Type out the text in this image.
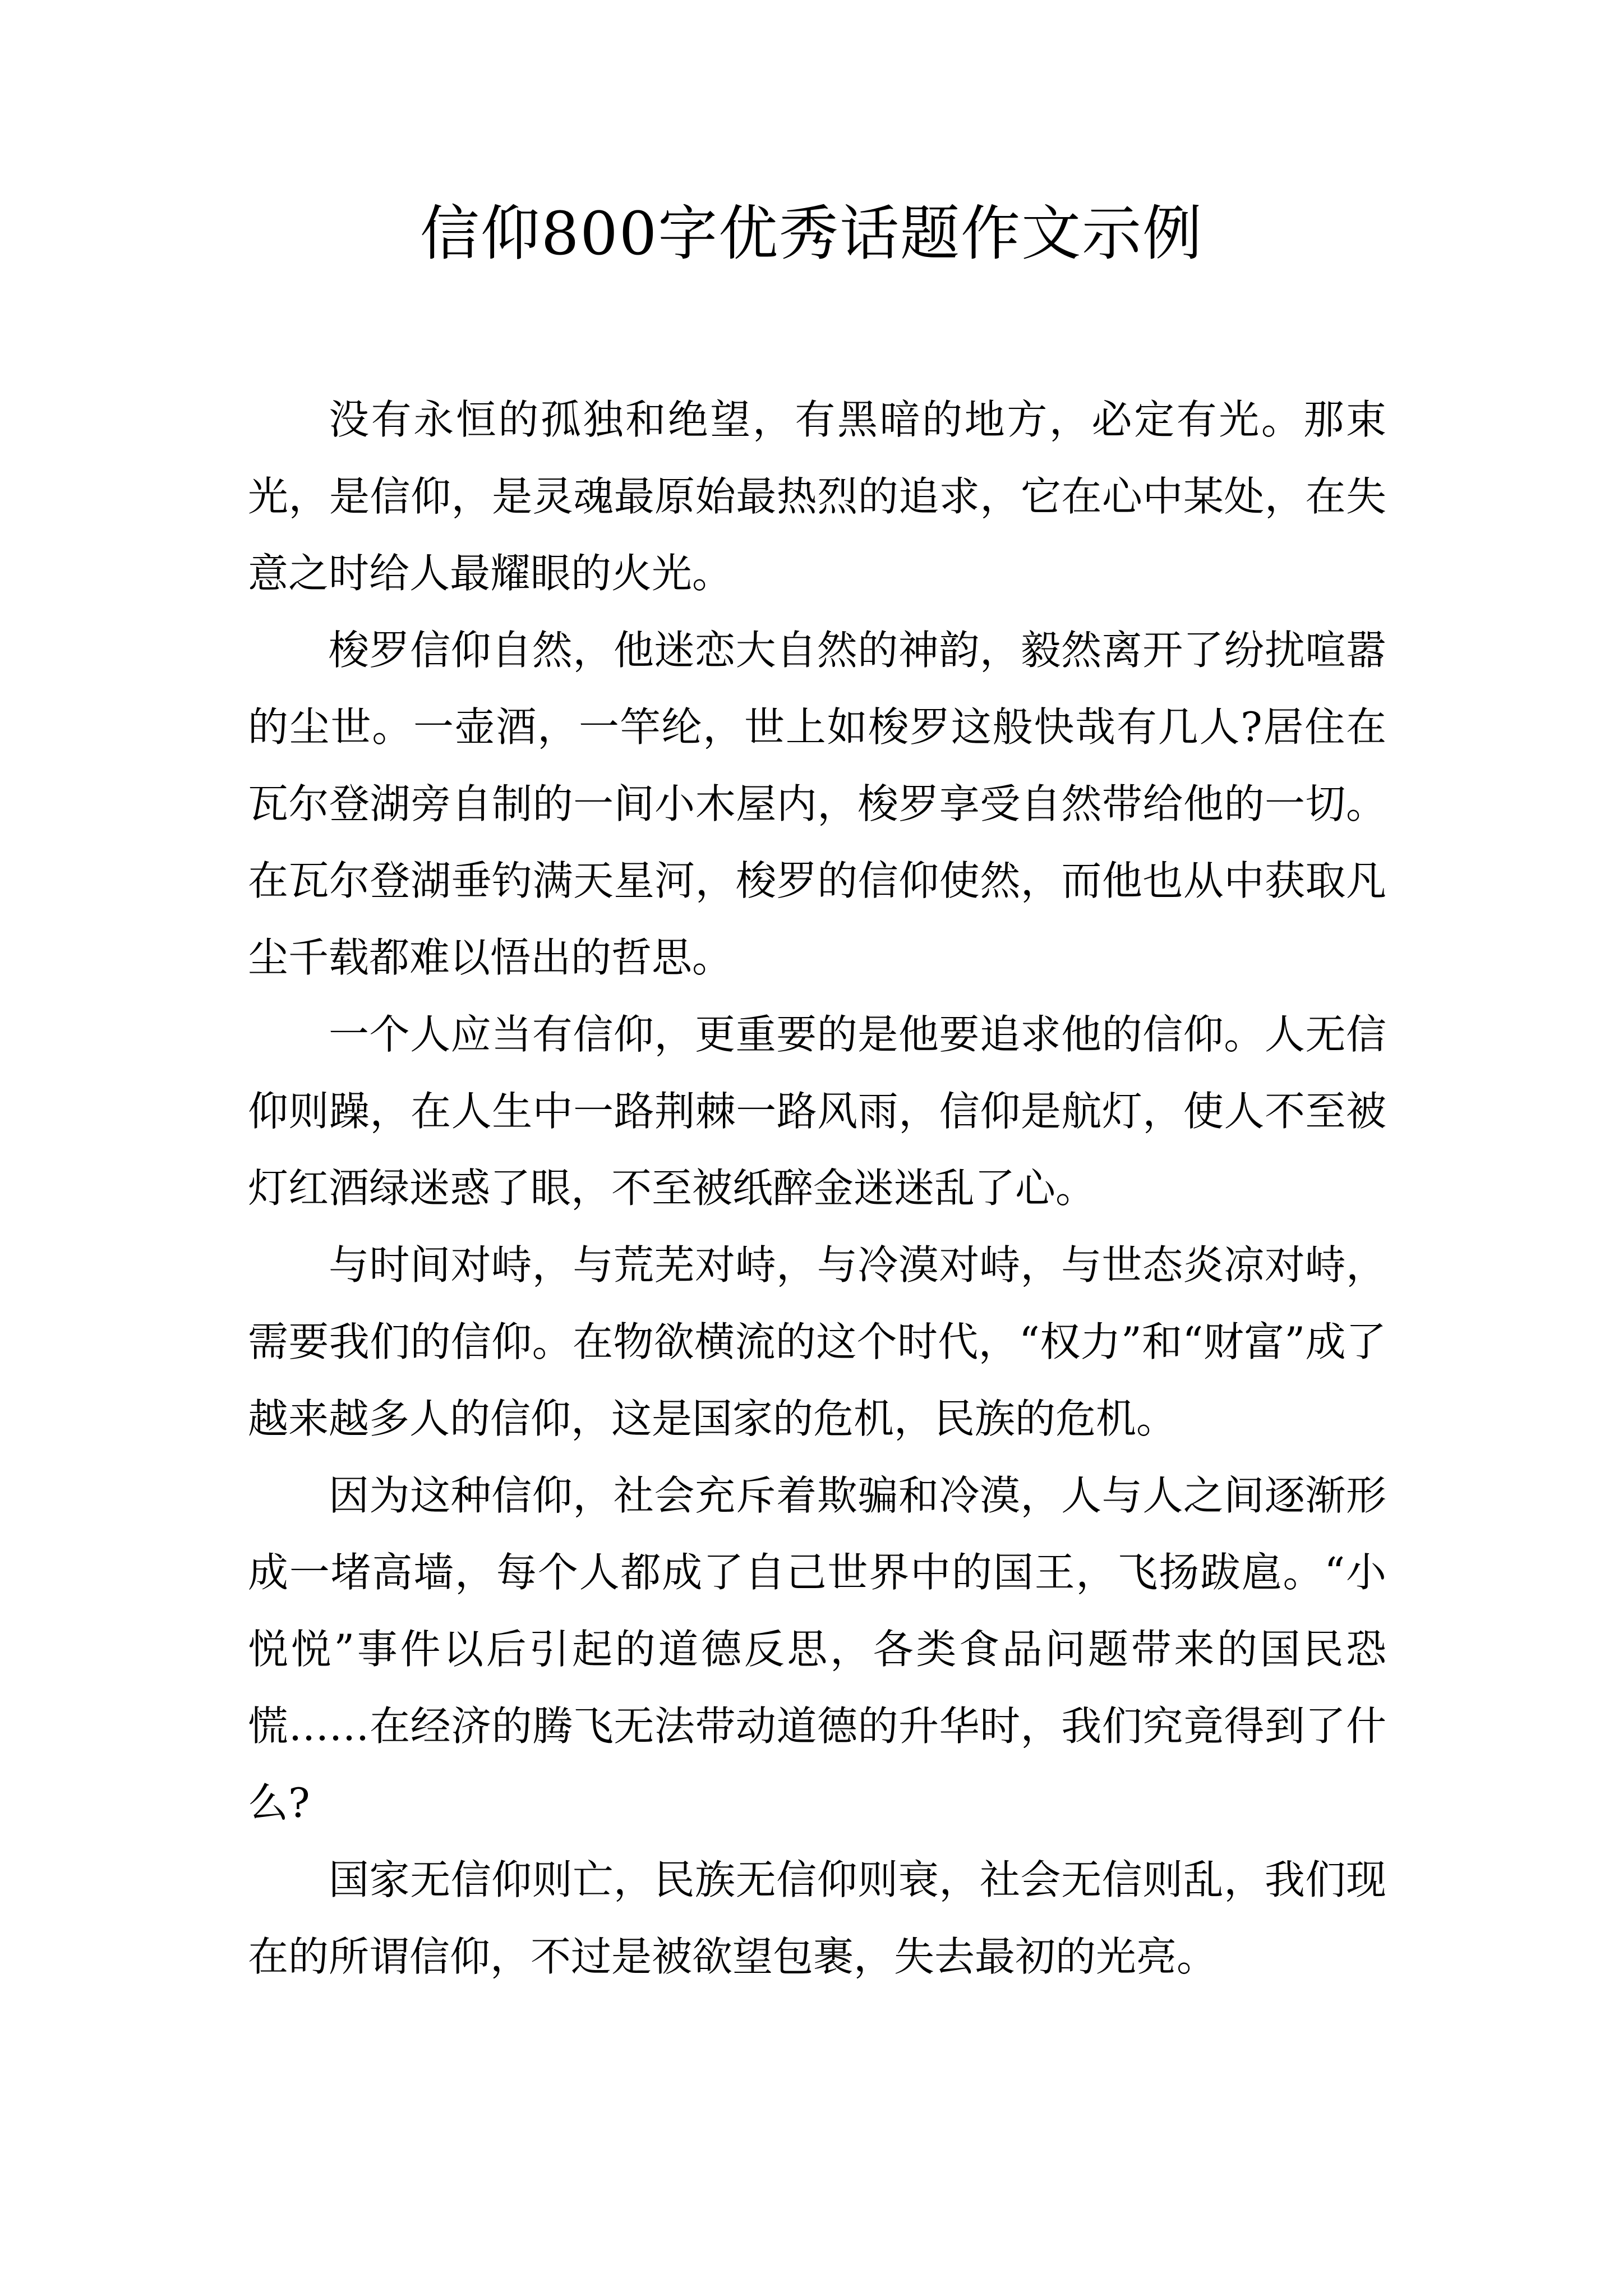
信仰800字优秀话题作文示例

没有永恒的孤独和绝望，有黑暗的地方，必定有光。那束光，是信仰，是灵魂最原始最热烈的追求，它在心中某处，在失意之时给人最耀眼的火光。

梭罗信仰自然，他迷恋大自然的神韵，毅然离开了纷扰喧嚣的尘世。一壶酒，一竿纶，世上如梭罗这般快哉有几人?居住在瓦尔登湖旁自制的一间小木屋内，梭罗享受自然带给他的一切。在瓦尔登湖垂钓满天星河，梭罗的信仰使然，而他也从中获取凡尘千载都难以悟出的哲思。

一个人应当有信仰，更重要的是他要追求他的信仰。人无信仰则躁，在人生中一路荆棘一路风雨，信仰是航灯，使人不至被灯红酒绿迷惑了眼，不至被纸醉金迷迷乱了心。

与时间对峙，与荒芜对峙，与冷漠对峙，与世态炎凉对峙，需要我们的信仰。在物欲横流的这个时代，“权力”和“财富”成了越来越多人的信仰，这是国家的危机，民族的危机。

因为这种信仰，社会充斥着欺骗和冷漠，人与人之间逐渐形成一堵高墙，每个人都成了自己世界中的国王，飞扬跋扈。“小悦悦”事件以后引起的道德反思，各类食品问题带来的国民恐慌……在经济的腾飞无法带动道德的升华时，我们究竟得到了什么?

国家无信仰则亡，民族无信仰则衰，社会无信则乱，我们现在的所谓信仰，不过是被欲望包裹，失去最初的光亮。
